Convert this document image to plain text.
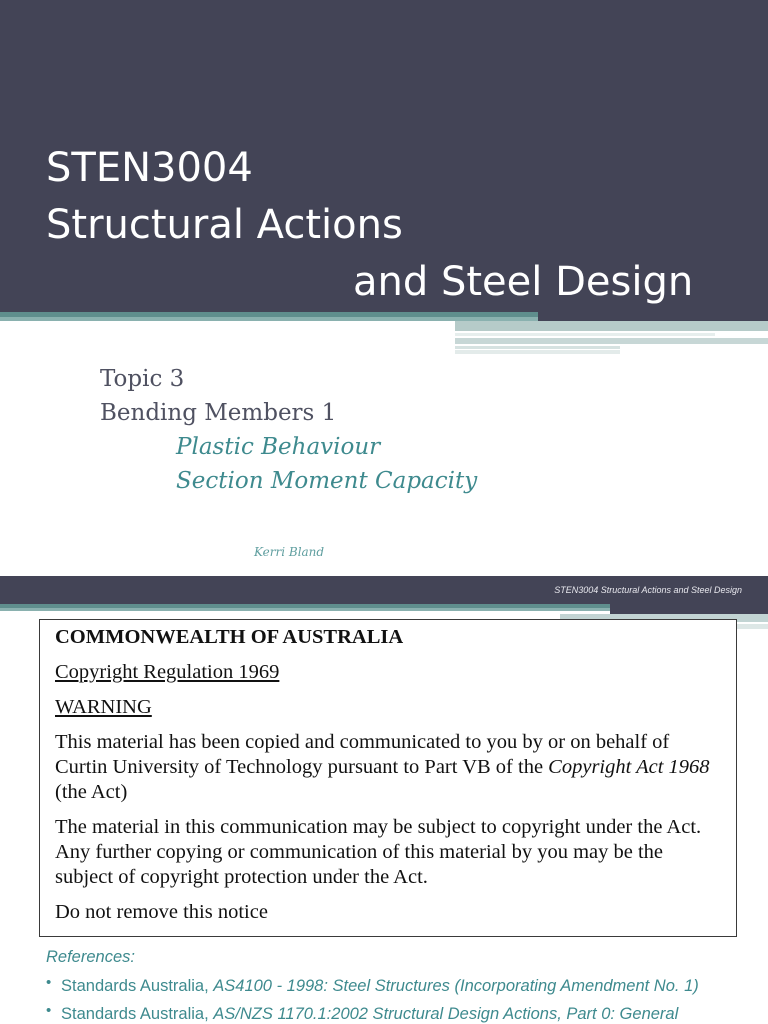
STEN3004
Structural Actions
and Steel Design
Topic 3
Bending Members 1
Plastic Behaviour
Section Moment Capacity
Kerri Bland
STEN3004 Structural Actions and Steel Design
COMMONWEALTH OF AUSTRALIA
Copyright Regulation 1969
WARNING
This material has been copied and communicated to you by or on behalf of Curtin University of Technology pursuant to Part VB of the Copyright Act 1968 (the Act)
The material in this communication may be subject to copyright under the Act. Any further copying or communication of this material by you may be the subject of copyright protection under the Act.
Do not remove this notice
References:
• Standards Australia, AS4100 - 1998: Steel Structures (Incorporating Amendment No. 1)
• Standards Australia, AS/NZS 1170.1:2002 Structural Design Actions, Part 0: General
